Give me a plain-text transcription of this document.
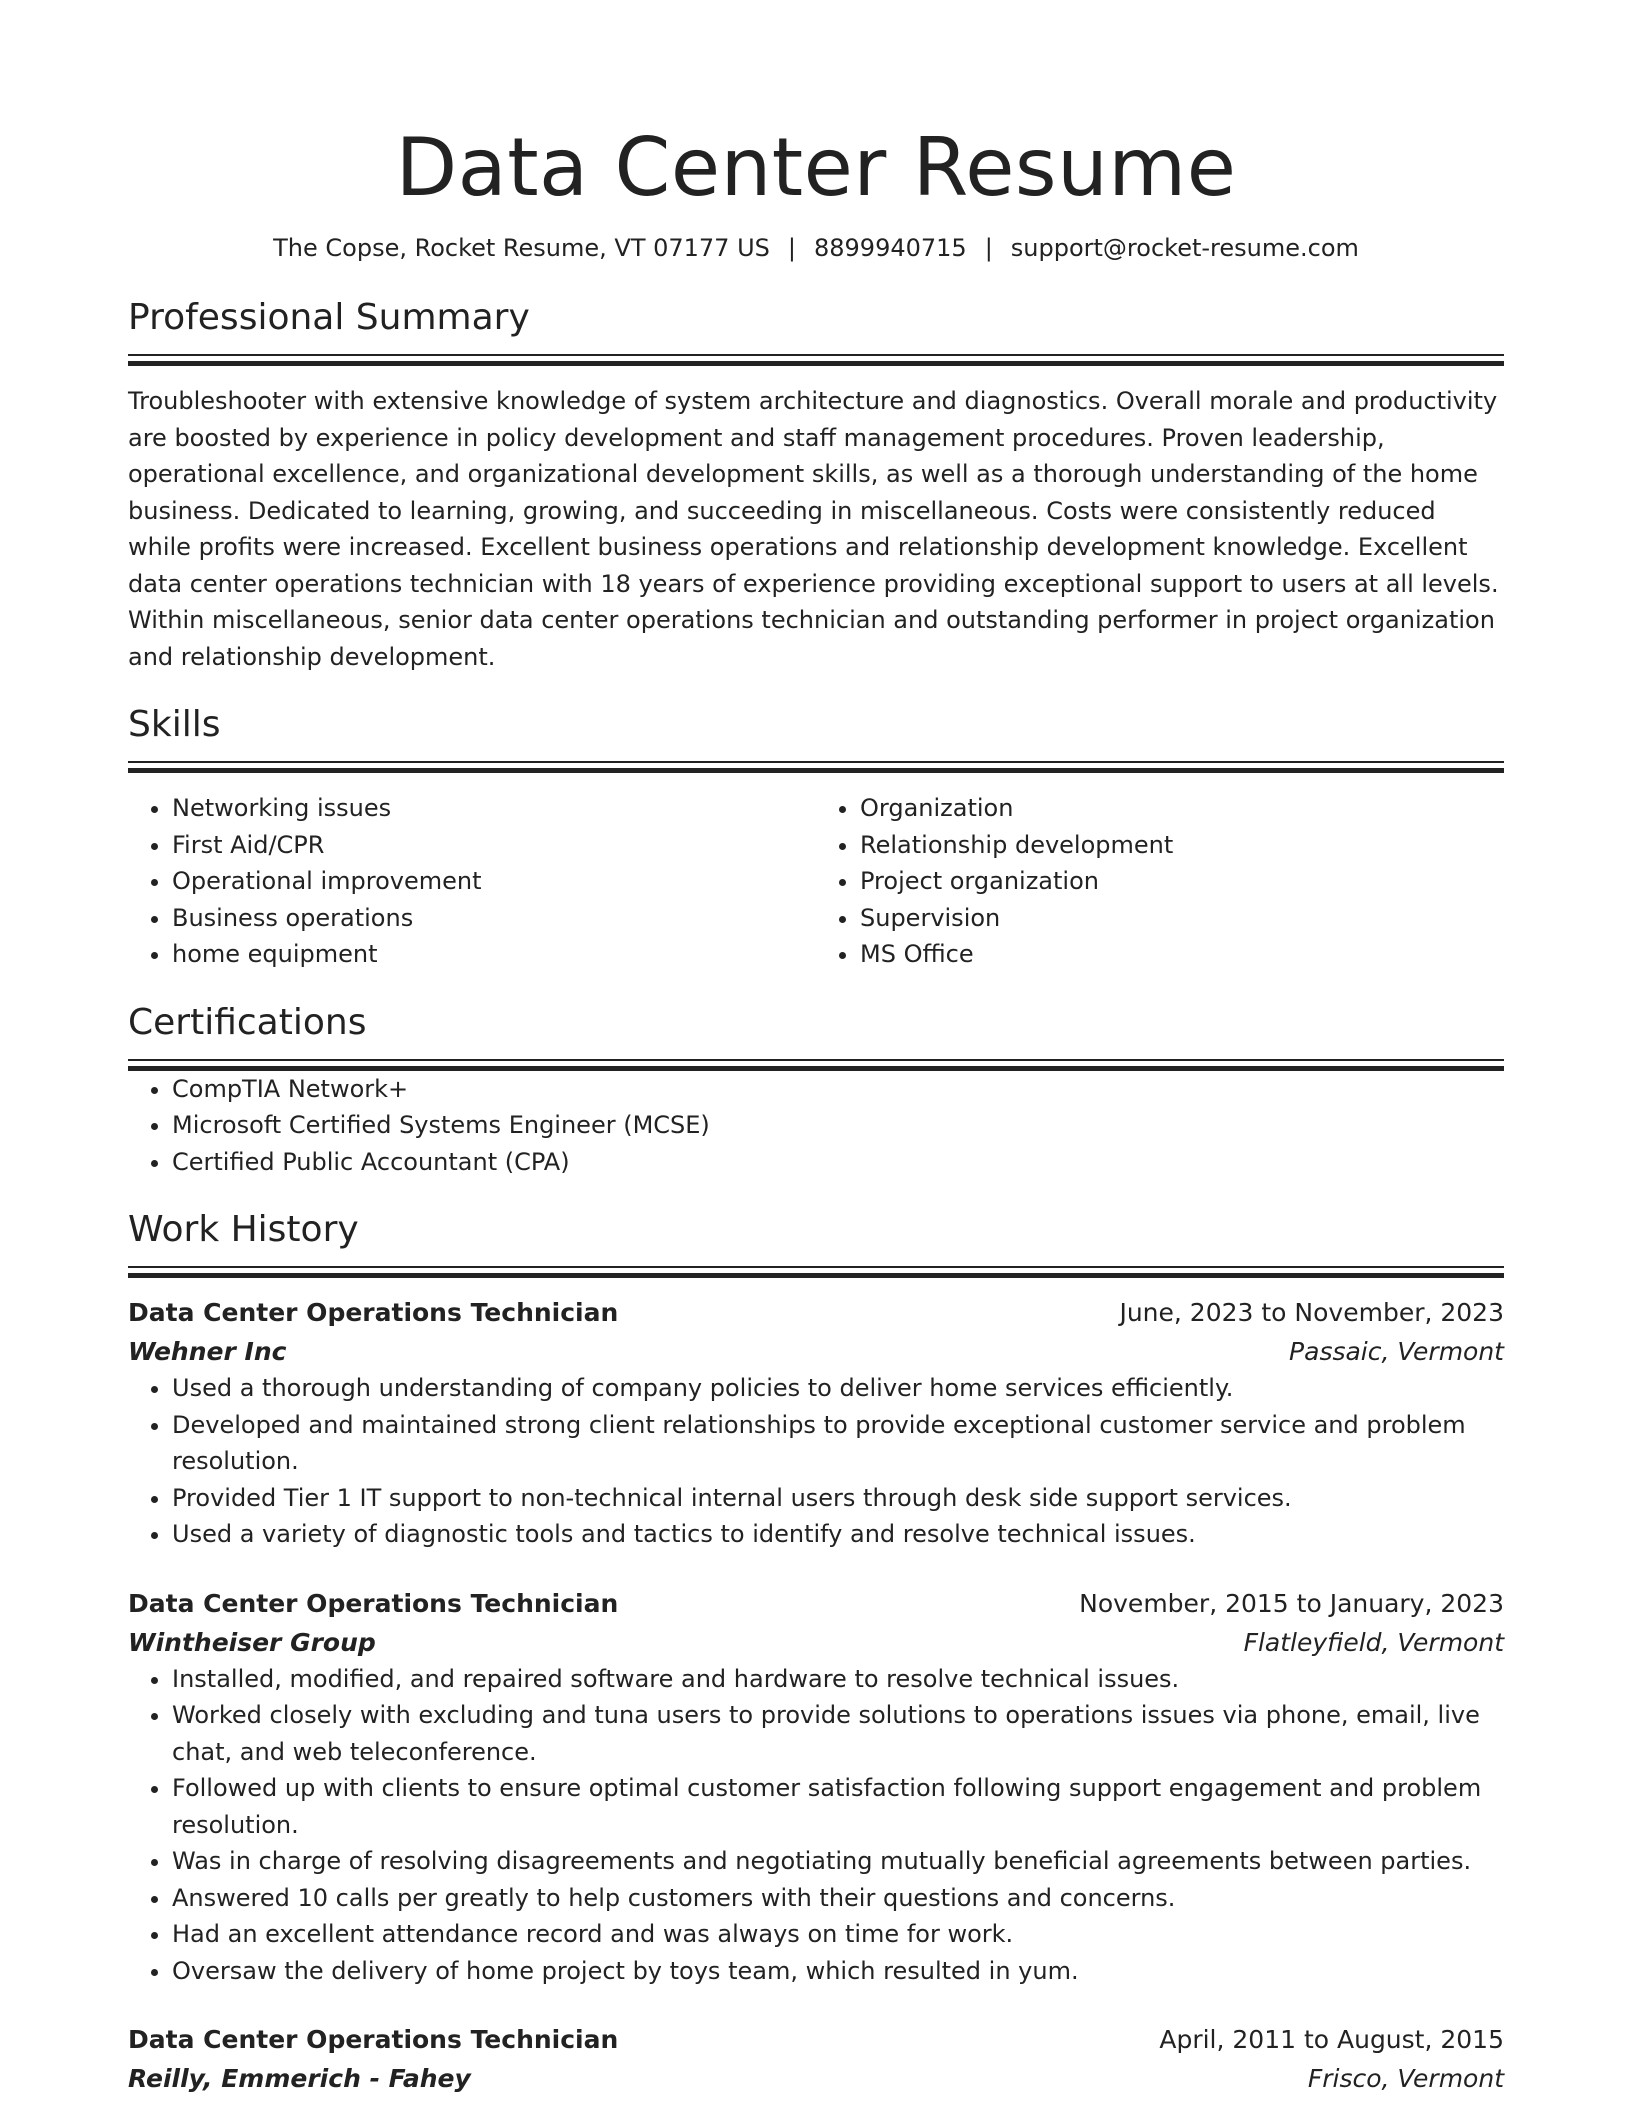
Data Center Resume
The Copse, Rocket Resume, VT 07177 US | 8899940715 | support@rocket-resume.com
Professional Summary

Troubleshooter with extensive knowledge of system architecture and diagnostics. Overall morale and productivity are boosted by experience in policy development and staff management procedures. Proven leadership, operational excellence, and organizational development skills, as well as a thorough understanding of the home business. Dedicated to learning, growing, and succeeding in miscellaneous. Costs were consistently reduced while profits were increased. Excellent business operations and relationship development knowledge. Excellent data center operations technician with 18 years of experience providing exceptional support to users at all levels. Within miscellaneous, senior data center operations technician and outstanding performer in project organization and relationship development.

Skills
• Networking issues
• First Aid/CPR
• Operational improvement
• Business operations
• home equipment
• Organization
• Relationship development
• Project organization
• Supervision
• MS Office
Certifications
• CompTIA Network+
• Microsoft Certified Systems Engineer (MCSE)
• Certified Public Accountant (CPA)
Work History
Data Center Operations Technician	June, 2023 to November, 2023
Wehner Inc	Passaic, Vermont
• Used a thorough understanding of company policies to deliver home services efficiently.
• Developed and maintained strong client relationships to provide exceptional customer service and problem resolution.
• Provided Tier 1 IT support to non-technical internal users through desk side support services.
• Used a variety of diagnostic tools and tactics to identify and resolve technical issues.
Data Center Operations Technician	November, 2015 to January, 2023
Wintheiser Group	Flatleyfield, Vermont
• Installed, modified, and repaired software and hardware to resolve technical issues.
• Worked closely with excluding and tuna users to provide solutions to operations issues via phone, email, live chat, and web teleconference.
• Followed up with clients to ensure optimal customer satisfaction following support engagement and problem resolution.
• Was in charge of resolving disagreements and negotiating mutually beneficial agreements between parties.
• Answered 10 calls per greatly to help customers with their questions and concerns.
• Had an excellent attendance record and was always on time for work.
• Oversaw the delivery of home project by toys team, which resulted in yum.
Data Center Operations Technician	April, 2011 to August, 2015
Reilly, Emmerich - Fahey	Frisco, Vermont
